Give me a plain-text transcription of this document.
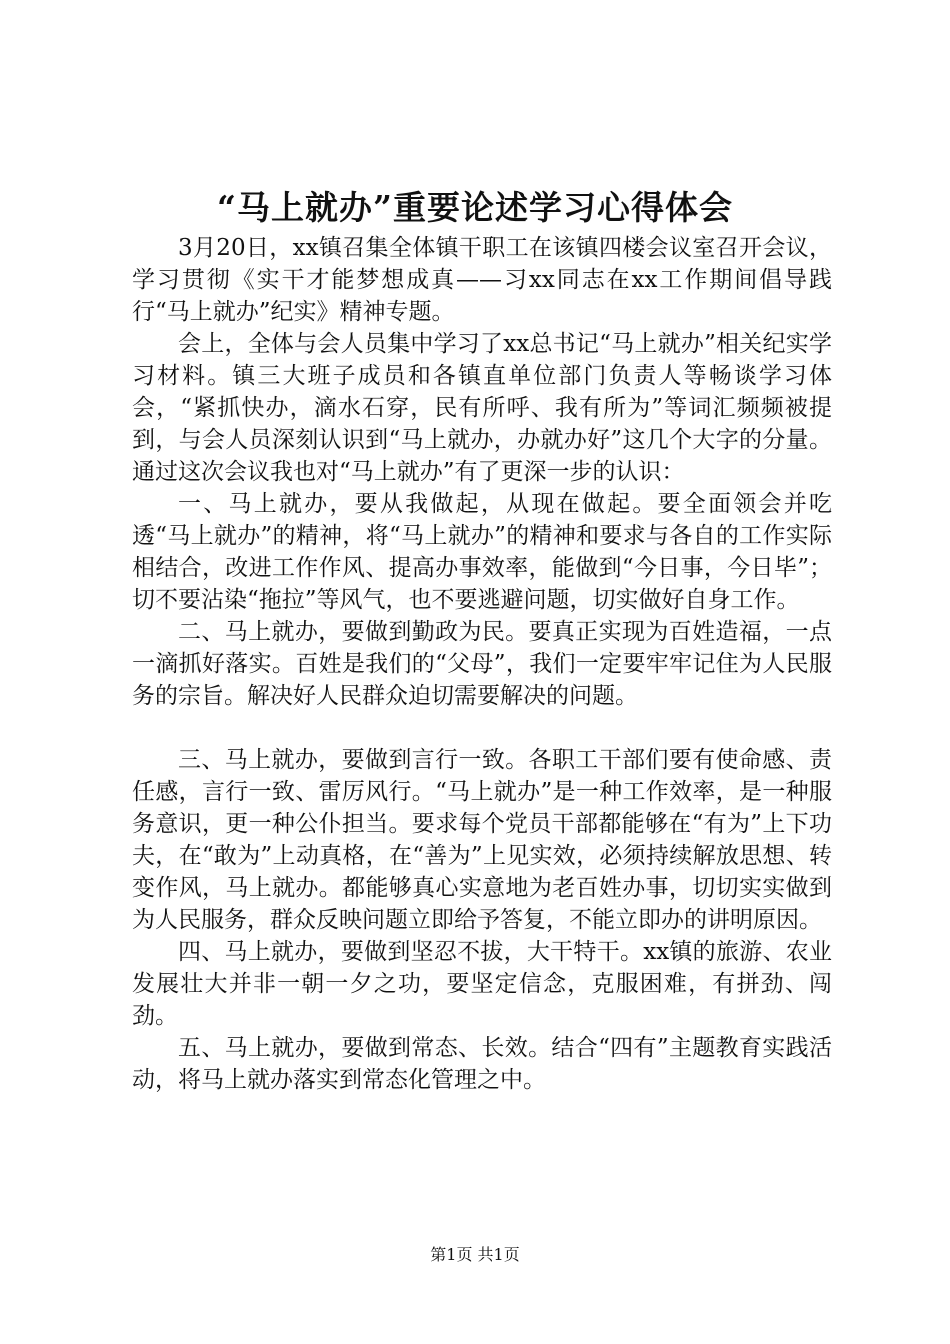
“马上就办”重要论述学习心得体会

3月20日，xx镇召集全体镇干职工在该镇四楼会议室召开会议，学习贯彻《实干才能梦想成真——习xx同志在xx工作期间倡导践行“马上就办”纪实》精神专题。

会上，全体与会人员集中学习了xx总书记“马上就办”相关纪实学习材料。镇三大班子成员和各镇直单位部门负责人等畅谈学习体会，“紧抓快办，滴水石穿，民有所呼、我有所为”等词汇频频被提到，与会人员深刻认识到“马上就办，办就办好”这几个大字的分量。通过这次会议我也对“马上就办”有了更深一步的认识：

一、马上就办，要从我做起，从现在做起。要全面领会并吃透“马上就办”的精神，将“马上就办”的精神和要求与各自的工作实际相结合，改进工作作风、提高办事效率，能做到“今日事，今日毕”；切不要沾染“拖拉”等风气，也不要逃避问题，切实做好自身工作。

二、马上就办，要做到勤政为民。要真正实现为百姓造福，一点一滴抓好落实。百姓是我们的“父母”，我们一定要牢牢记住为人民服务的宗旨。解决好人民群众迫切需要解决的问题。

三、马上就办，要做到言行一致。各职工干部们要有使命感、责任感，言行一致、雷厉风行。“马上就办”是一种工作效率，是一种服务意识，更一种公仆担当。要求每个党员干部都能够在“有为”上下功夫，在“敢为”上动真格，在“善为”上见实效，必须持续解放思想、转变作风，马上就办。都能够真心实意地为老百姓办事，切切实实做到为人民服务，群众反映问题立即给予答复，不能立即办的讲明原因。

四、马上就办，要做到坚忍不拔，大干特干。xx镇的旅游、农业发展壮大并非一朝一夕之功，要坚定信念，克服困难，有拼劲、闯劲。

五、马上就办，要做到常态、长效。结合“四有”主题教育实践活动，将马上就办落实到常态化管理之中。

第1页 共1页
